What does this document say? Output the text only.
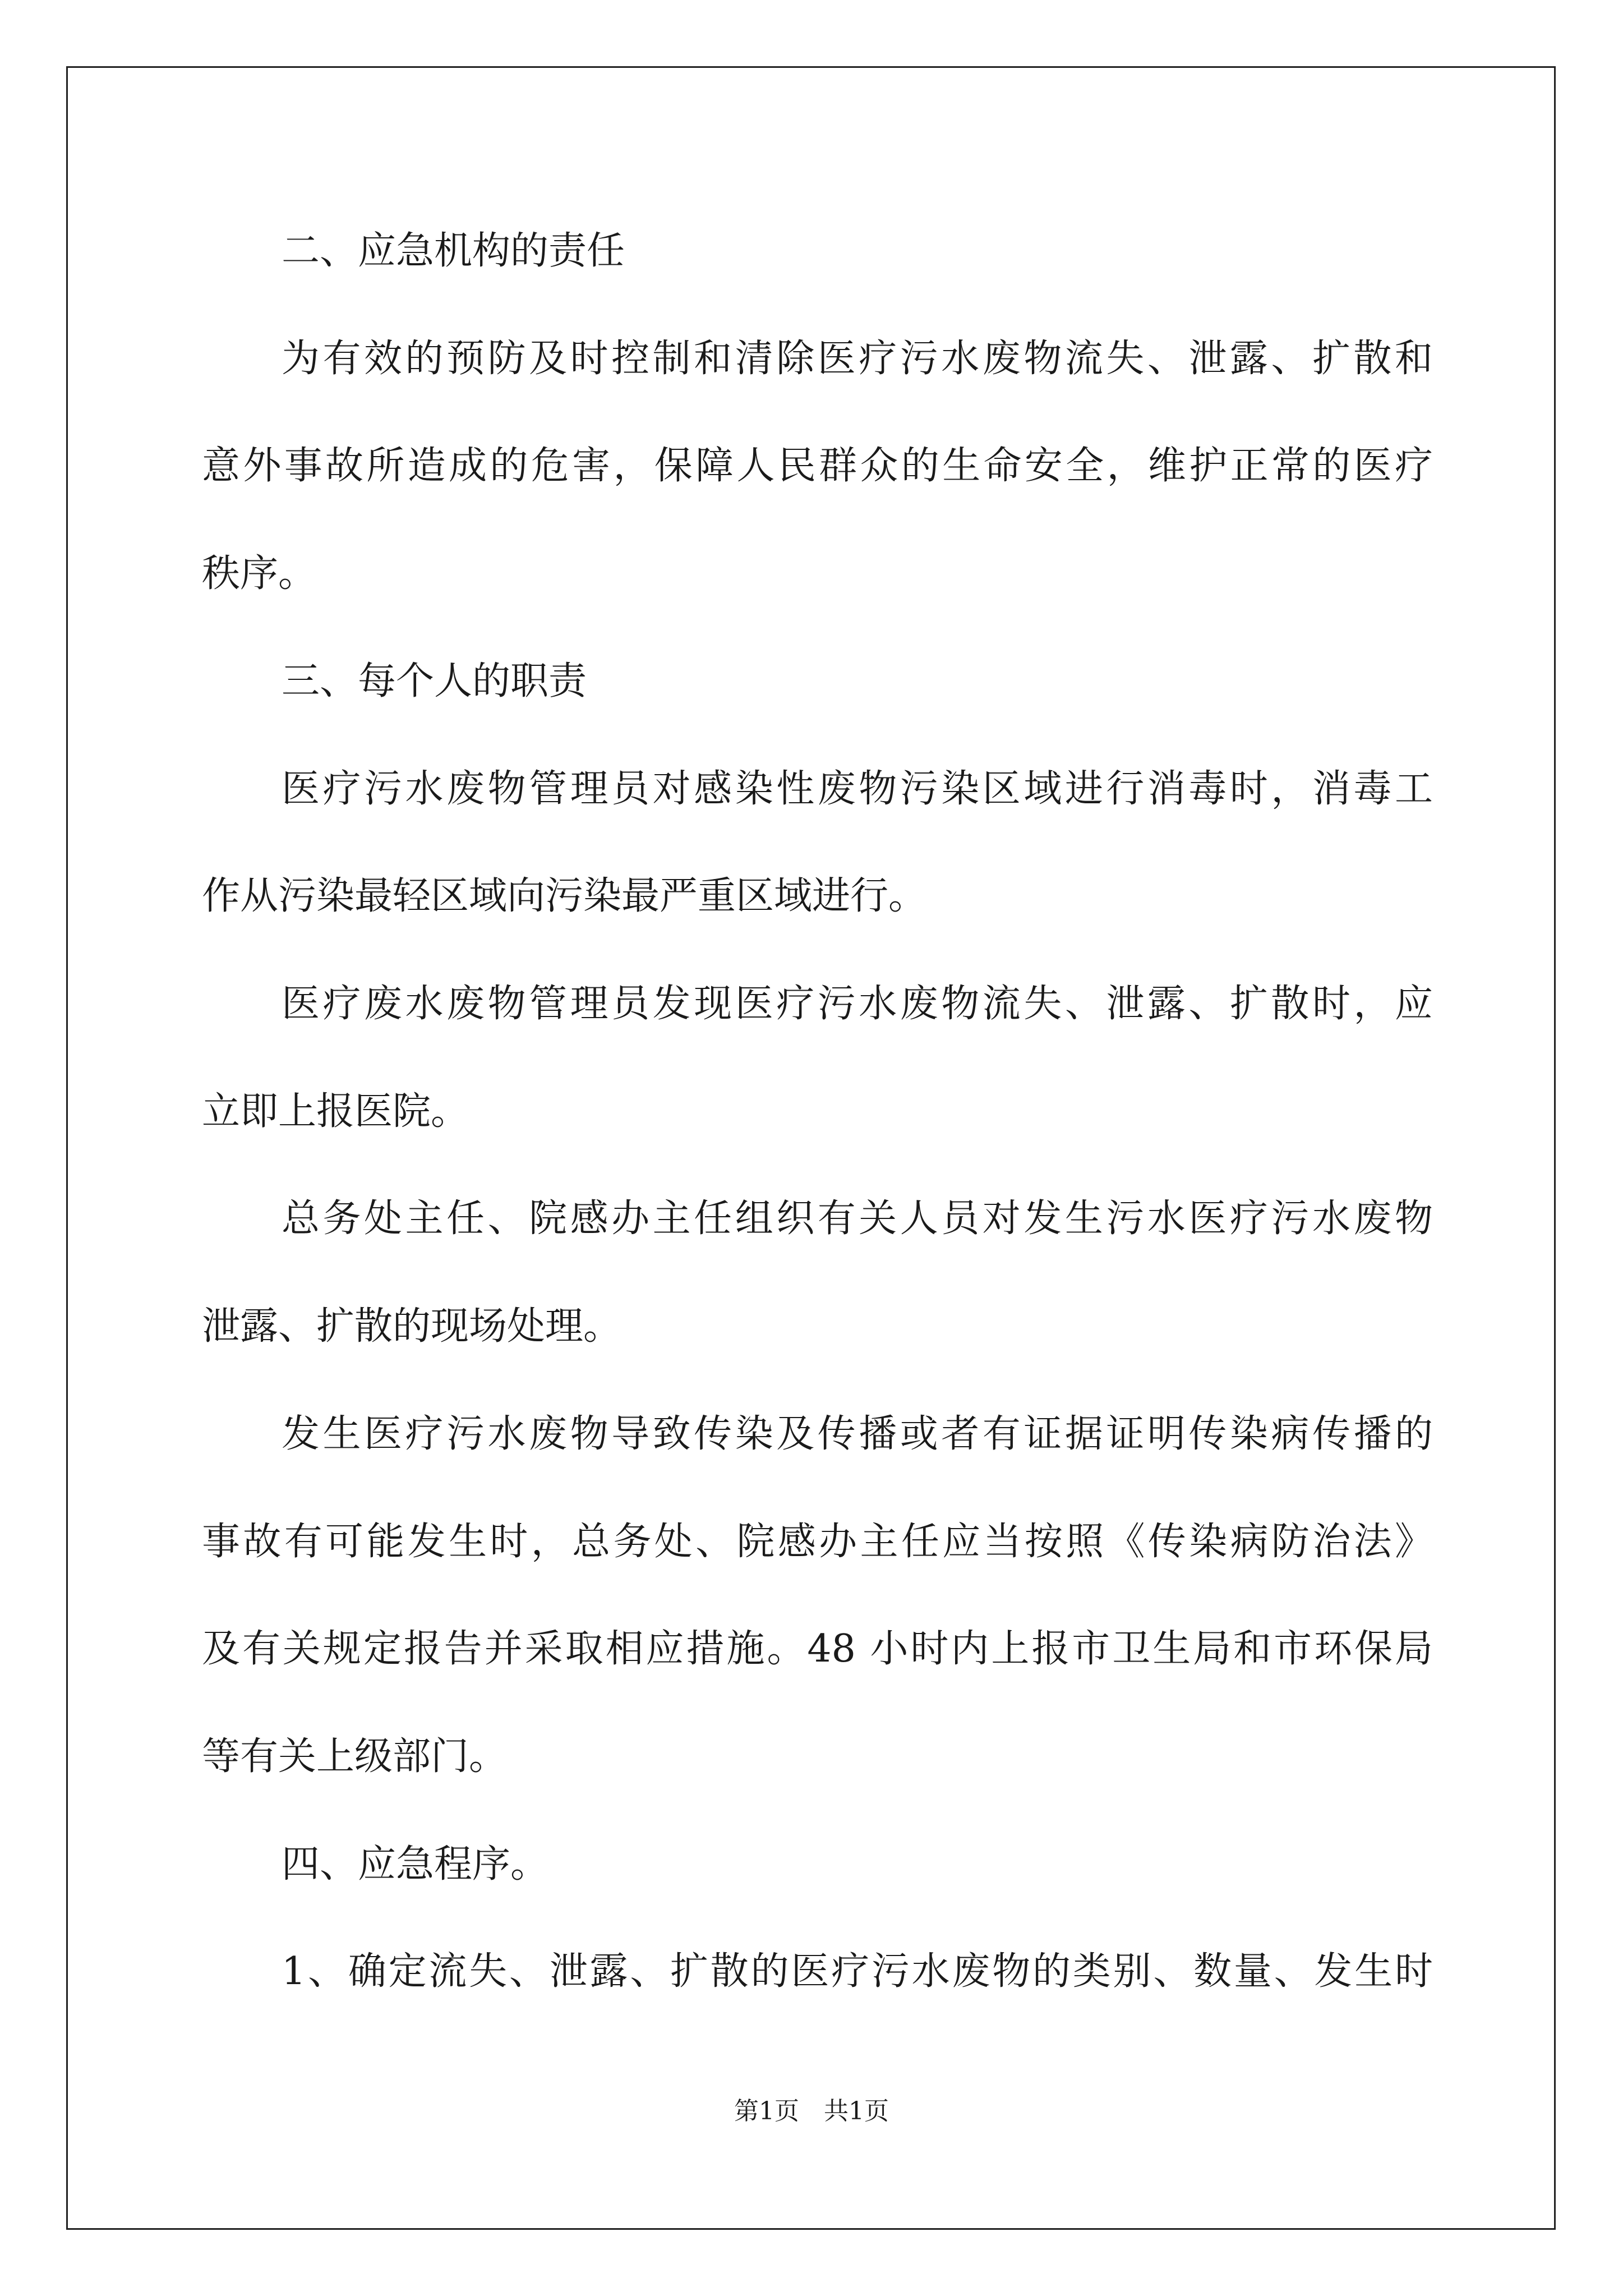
二、应急机构的责任
为有效的预防及时控制和清除医疗污水废物流失、泄露、扩散和
意外事故所造成的危害，保障人民群众的生命安全，维护正常的医疗
秩序。
三、每个人的职责
医疗污水废物管理员对感染性废物污染区域进行消毒时，消毒工
作从污染最轻区域向污染最严重区域进行。
医疗废水废物管理员发现医疗污水废物流失、泄露、扩散时，应
立即上报医院。
总务处主任、院感办主任组织有关人员对发生污水医疗污水废物
泄露、扩散的现场处理。
发生医疗污水废物导致传染及传播或者有证据证明传染病传播的
事故有可能发生时，总务处、院感办主任应当按照《传染病防治法》
及有关规定报告并采取相应措施。48 小时内上报市卫生局和市环保局
等有关上级部门。
四、应急程序。
1、确定流失、泄露、扩散的医疗污水废物的类别、数量、发生时
第1页　共1页
